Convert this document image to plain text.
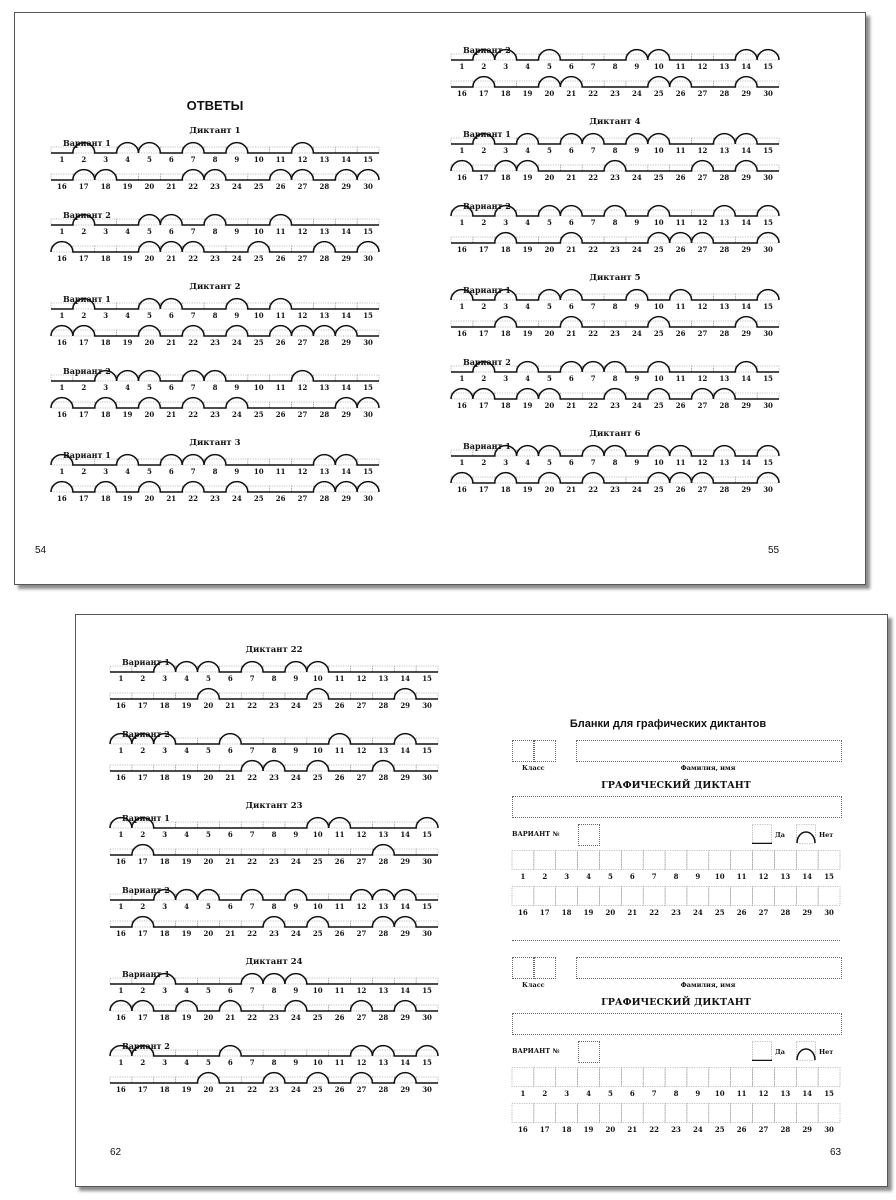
ОТВЕТЫ
Диктант 1
Вариант 1
1 2 3 4 5 6 7 8 9 10 11 12 13 14 15
16 17 18 19 20 21 22 23 24 25 26 27 28 29 30
Вариант 2
1 2 3 4 5 6 7 8 9 10 11 12 13 14 15
16 17 18 19 20 21 22 23 24 25 26 27 28 29 30
Диктант 2
Вариант 1
1 2 3 4 5 6 7 8 9 10 11 12 13 14 15
16 17 18 19 20 21 22 23 24 25 26 27 28 29 30
Вариант 2
1 2 3 4 5 6 7 8 9 10 11 12 13 14 15
16 17 18 19 20 21 22 23 24 25 26 27 28 29 30
Диктант 3
Вариант 1
1 2 3 4 5 6 7 8 9 10 11 12 13 14 15
16 17 18 19 20 21 22 23 24 25 26 27 28 29 30
Вариант 2
1 2 3 4 5 6 7 8 9 10 11 12 13 14 15
16 17 18 19 20 21 22 23 24 25 26 27 28 29 30
Диктант 4
Вариант 1
1 2 3 4 5 6 7 8 9 10 11 12 13 14 15
16 17 18 19 20 21 22 23 24 25 26 27 28 29 30
Вариант 2
1 2 3 4 5 6 7 8 9 10 11 12 13 14 15
16 17 18 19 20 21 22 23 24 25 26 27 28 29 30
Диктант 5
Вариант 1
1 2 3 4 5 6 7 8 9 10 11 12 13 14 15
16 17 18 19 20 21 22 23 24 25 26 27 28 29 30
Вариант 2
1 2 3 4 5 6 7 8 9 10 11 12 13 14 15
16 17 18 19 20 21 22 23 24 25 26 27 28 29 30
Диктант 6
Вариант 1
1 2 3 4 5 6 7 8 9 10 11 12 13 14 15
16 17 18 19 20 21 22 23 24 25 26 27 28 29 30
54	55
Диктант 22
Вариант 1
1 2 3 4 5 6 7 8 9 10 11 12 13 14 15
16 17 18 19 20 21 22 23 24 25 26 27 28 29 30
Вариант 2
1 2 3 4 5 6 7 8 9 10 11 12 13 14 15
16 17 18 19 20 21 22 23 24 25 26 27 28 29 30
Диктант 23
Вариант 1
1 2 3 4 5 6 7 8 9 10 11 12 13 14 15
16 17 18 19 20 21 22 23 24 25 26 27 28 29 30
Вариант 2
1 2 3 4 5 6 7 8 9 10 11 12 13 14 15
16 17 18 19 20 21 22 23 24 25 26 27 28 29 30
Диктант 24
Вариант 1
1 2 3 4 5 6 7 8 9 10 11 12 13 14 15
16 17 18 19 20 21 22 23 24 25 26 27 28 29 30
Вариант 2
1 2 3 4 5 6 7 8 9 10 11 12 13 14 15
16 17 18 19 20 21 22 23 24 25 26 27 28 29 30
62	63
Бланки для графических диктантов
Класс	Фамилия, имя
ГРАФИЧЕСКИЙ ДИКТАНТ
ВАРИАНТ №	Да	Нет
1 2 3 4 5 6 7 8 9 10 11 12 13 14 15
16 17 18 19 20 21 22 23 24 25 26 27 28 29 30
Класс	Фамилия, имя
ГРАФИЧЕСКИЙ ДИКТАНТ
ВАРИАНТ №	Да	Нет
1 2 3 4 5 6 7 8 9 10 11 12 13 14 15
16 17 18 19 20 21 22 23 24 25 26 27 28 29 30
